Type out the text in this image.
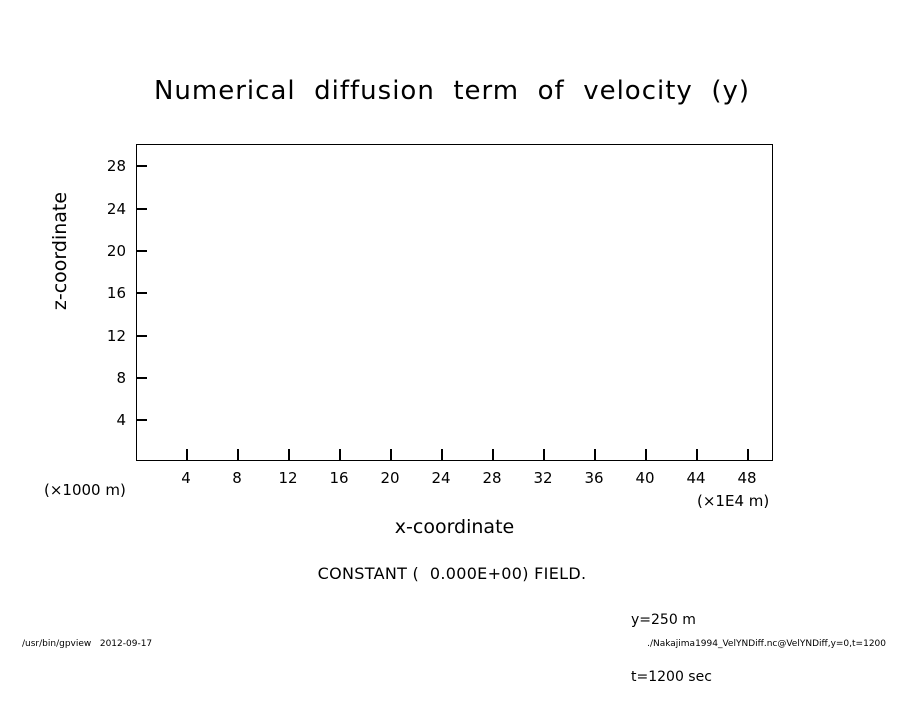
Numerical  diffusion  term  of  velocity  (y)
4	8 12 16 20 24 28 32 36 40 44 48
4
8
12
16
20
24
28
z-coordinate
x-coordinate
(×1000 m)
(×1E4 m)
CONSTANT (  0.000E+00) FIELD.

y=250 m

t=1200 sec

/usr/bin/gpview   2012-09-17	./Nakajima1994_VelYNDiff.nc@VelYNDiff,y=0,t=1200
